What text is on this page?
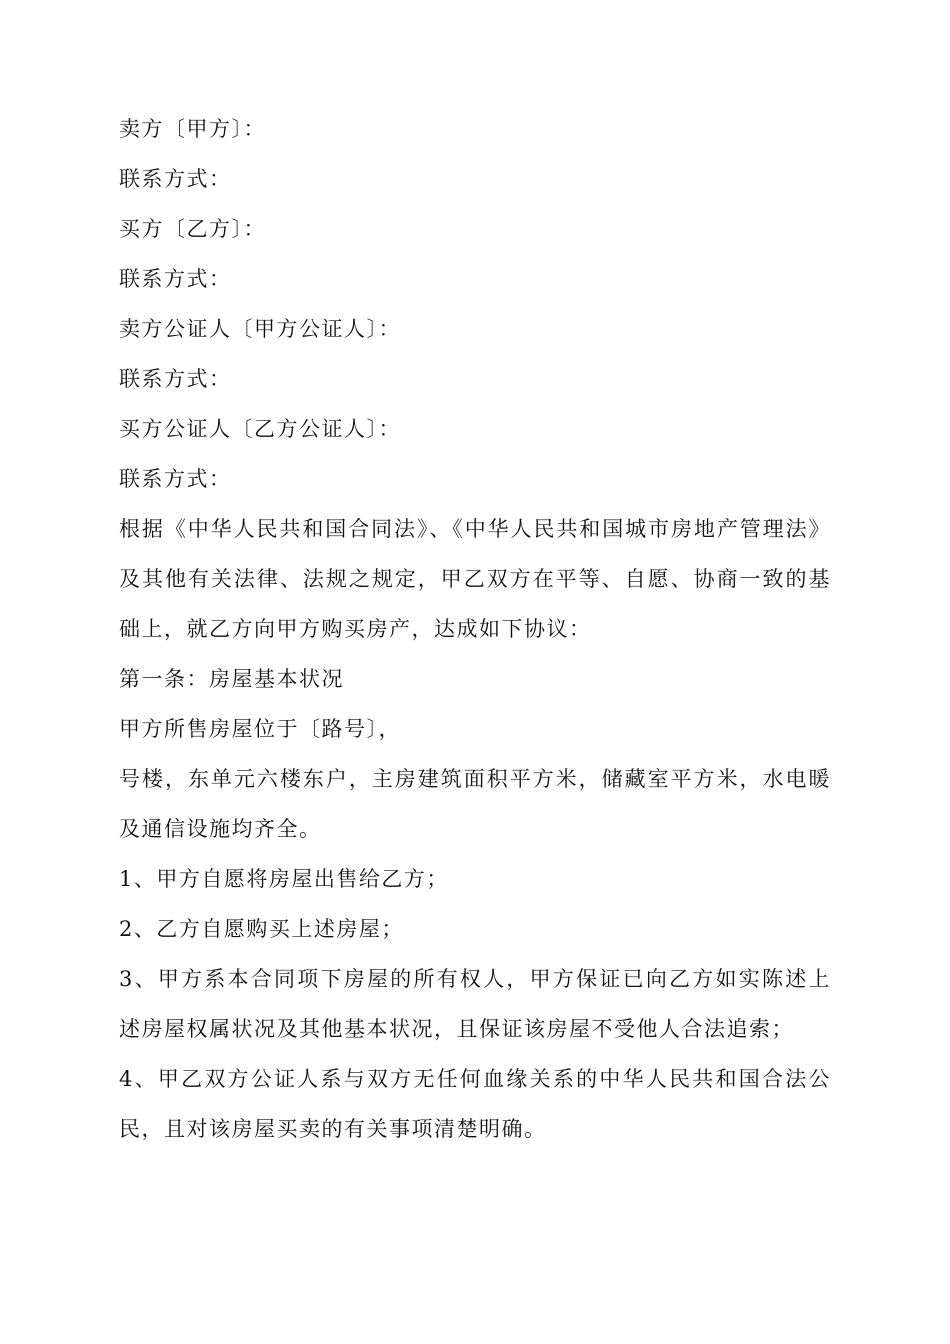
卖方〔甲方〕：
联系方式：
买方〔乙方〕：
联系方式：
卖方公证人〔甲方公证人〕：
联系方式：
买方公证人〔乙方公证人〕：
联系方式：
根据《中华人民共和国合同法》、《中华人民共和国城市房地产管理法》及其他有关法律、法规之规定，甲乙双方在平等、自愿、协商一致的基础上，就乙方向甲方购买房产，达成如下协议：
第一条：房屋基本状况
甲方所售房屋位于〔路号〕，
号楼，东单元六楼东户，主房建筑面积平方米，储藏室平方米，水电暖及通信设施均齐全。
1、甲方自愿将房屋出售给乙方；
2、乙方自愿购买上述房屋；
3、甲方系本合同项下房屋的所有权人，甲方保证已向乙方如实陈述上述房屋权属状况及其他基本状况，且保证该房屋不受他人合法追索；
4、甲乙双方公证人系与双方无任何血缘关系的中华人民共和国合法公民，且对该房屋买卖的有关事项清楚明确。
